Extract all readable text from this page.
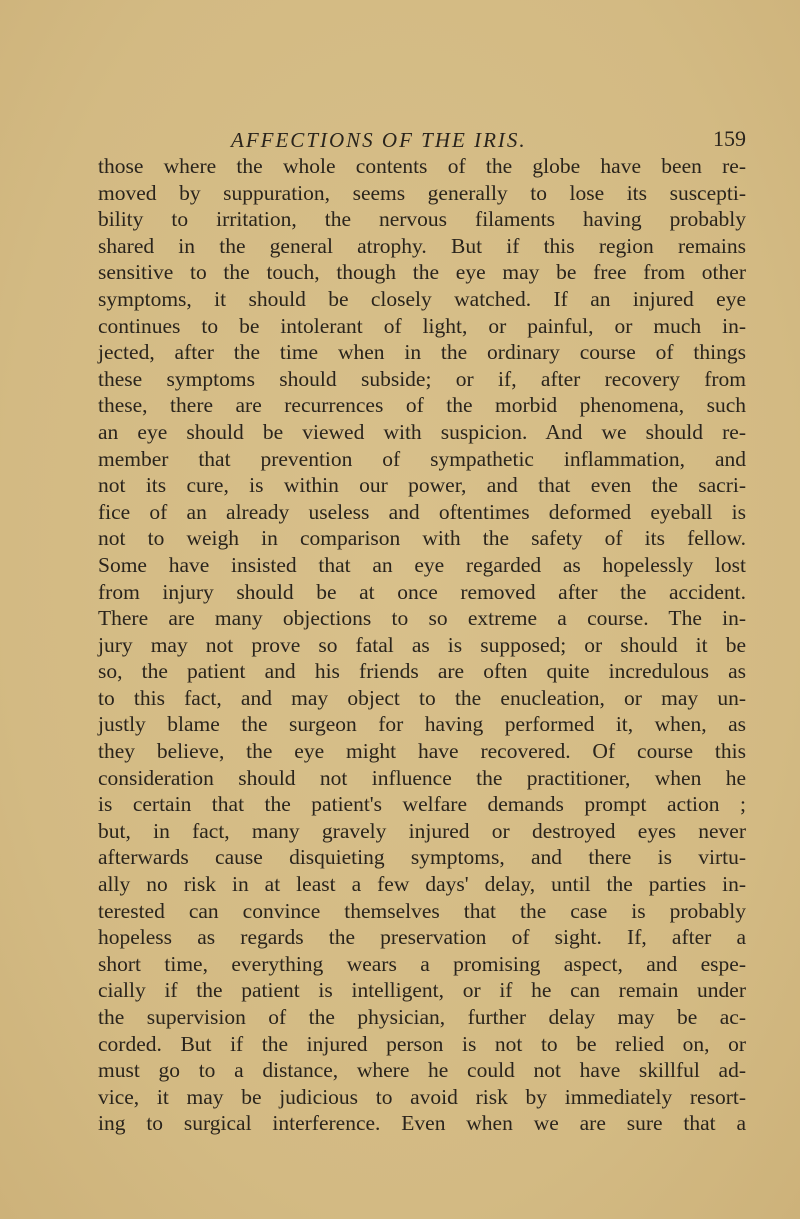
AFFECTIONS OF THE IRIS.	159
those where the whole contents of the globe have been re-
moved by suppuration, seems generally to lose its suscepti-
bility to irritation, the nervous filaments having probably
shared in the general atrophy. But if this region remains
sensitive to the touch, though the eye may be free from other
symptoms, it should be closely watched. If an injured eye
continues to be intolerant of light, or painful, or much in-
jected, after the time when in the ordinary course of things
these symptoms should subside; or if, after recovery from
these, there are recurrences of the morbid phenomena, such
an eye should be viewed with suspicion. And we should re-
member that prevention of sympathetic inflammation, and
not its cure, is within our power, and that even the sacri-
fice of an already useless and oftentimes deformed eyeball is
not to weigh in comparison with the safety of its fellow.
Some have insisted that an eye regarded as hopelessly lost
from injury should be at once removed after the accident.
There are many objections to so extreme a course. The in-
jury may not prove so fatal as is supposed; or should it be
so, the patient and his friends are often quite incredulous as
to this fact, and may object to the enucleation, or may un-
justly blame the surgeon for having performed it, when, as
they believe, the eye might have recovered. Of course this
consideration should not influence the practitioner, when he
is certain that the patient's welfare demands prompt action ;
but, in fact, many gravely injured or destroyed eyes never
afterwards cause disquieting symptoms, and there is virtu-
ally no risk in at least a few days' delay, until the parties in-
terested can convince themselves that the case is probably
hopeless as regards the preservation of sight. If, after a
short time, everything wears a promising aspect, and espe-
cially if the patient is intelligent, or if he can remain under
the supervision of the physician, further delay may be ac-
corded. But if the injured person is not to be relied on, or
must go to a distance, where he could not have skillful ad-
vice, it may be judicious to avoid risk by immediately resort-
ing to surgical interference. Even when we are sure that a
